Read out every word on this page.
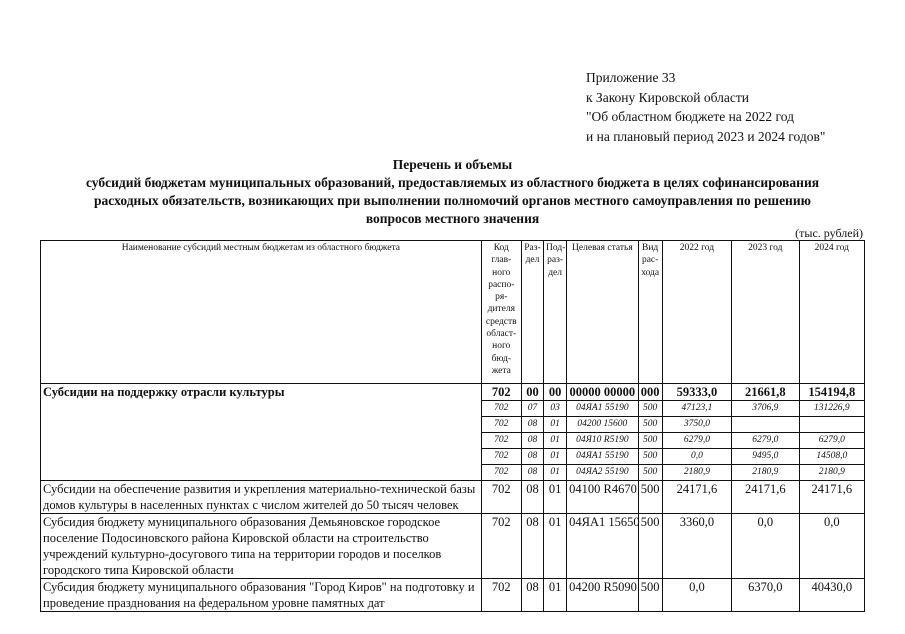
Приложение 33
к Закону Кировской области
"Об областном бюджете на 2022 год
и на плановый период 2023 и 2024 годов"
Перечень и объемы
субсидий бюджетам муниципальных образований, предоставляемых из областного бюджета в целях софинансирования
расходных обязательств, возникающих при выполнении полномочий органов местного самоуправления по решению
вопросов местного значения
(тыс. рублей)
Наименование субсидий местным бюджетам из областного бюджета	Код глав-ного распо-ря-дителя средств област-ного бюд-жета	Раз-дел	Под-раз-дел	Целевая статья	Вид рас-хода	2022 год	2023 год	2024 год
Субсидии на поддержку отрасли культуры	702	00	00	00000 00000	000	59333,0	21661,8	154194,8
	702	07	03	04ЯА1 55190	500	47123,1	3706,9	131226,9
	702	08	01	04200 15600	500	3750,0		
	702	08	01	04Я10 R5190	500	6279,0	6279,0	6279,0
	702	08	01	04ЯА1 55190	500	0,0	9495,0	14508,0
	702	08	01	04ЯА2 55190	500	2180,9	2180,9	2180,9
Субсидии на обеспечение развития и укрепления материально-технической базы домов культуры в населенных пунктах с числом жителей до 50 тысяч человек	702	08	01	04100 R4670	500	24171,6	24171,6	24171,6
Субсидия бюджету муниципального образования Демьяновское городское поселение Подосиновского района Кировской области на строительство учреждений культурно-досугового типа на территории городов и поселков городского типа Кировской области	702	08	01	04ЯА1 15650	500	3360,0	0,0	0,0
Субсидия бюджету муниципального образования "Город Киров" на подготовку и проведение празднования на федеральном уровне памятных дат	702	08	01	04200 R5090	500	0,0	6370,0	40430,0
